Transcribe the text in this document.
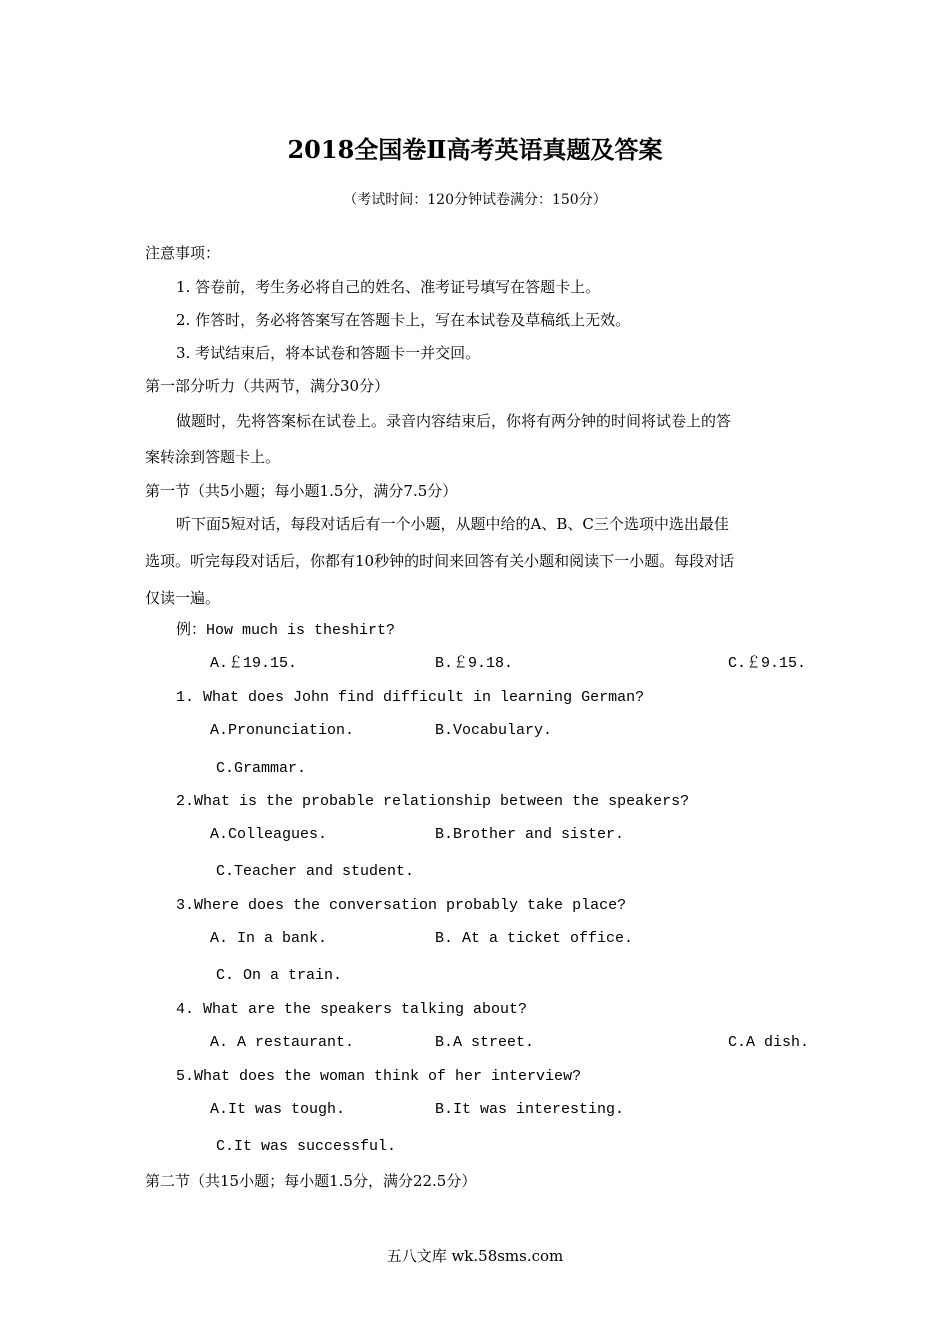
2018全国卷Ⅱ高考英语真题及答案
（考试时间：120分钟试卷满分：150分）
注意事项：
1. 答卷前，考生务必将自己的姓名、准考证号填写在答题卡上。
2. 作答时，务必将答案写在答题卡上，写在本试卷及草稿纸上无效。
3. 考试结束后，将本试卷和答题卡一并交回。
第一部分听力（共两节，满分30分）
做题时，先将答案标在试卷上。录音内容结束后，你将有两分钟的时间将试卷上的答
案转涂到答题卡上。
第一节（共5小题；每小题1.5分，满分7.5分）
听下面5短对话，每段对话后有一个小题，从题中给的A、B、C三个选项中选出最佳
选项。听完每段对话后，你都有10秒钟的时间来回答有关小题和阅读下一小题。每段对话
仅读一遍。
例：How much is theshirt?
A.￡19.15.	B.￡9.18.	C.￡9.15.
1. What does John find difficult in learning German?
A.Pronunciation.	B.Vocabulary.
C.Grammar.
2.What is the probable relationship between the speakers?
A.Colleagues.	B.Brother and sister.
C.Teacher and student.
3.Where does the conversation probably take place?
A. In a bank.	B. At a ticket office.
C. On a train.
4. What are the speakers talking about?
A. A restaurant.	B.A street.	C.A dish.
5.What does the woman think of her interview?
A.It was tough.	B.It was interesting.
C.It was successful.
第二节（共15小题；每小题1.5分，满分22.5分）
五八文库 wk.58sms.com
